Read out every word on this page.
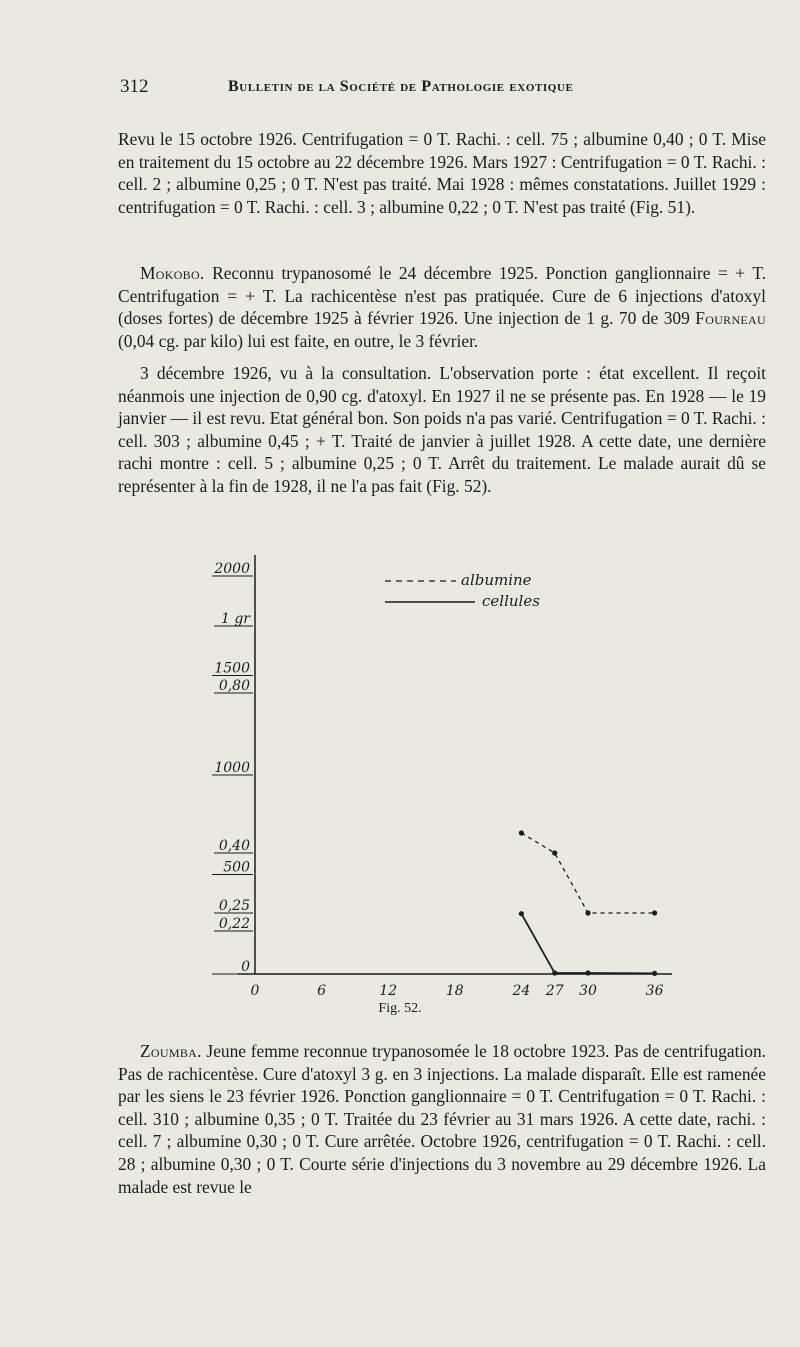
312	Bulletin de la Société de Pathologie exotique

Revu le 15 octobre 1926. Centrifugation = 0 T. Rachi. : cell. 75 ; albumine 0,40 ; 0 T. Mise en traitement du 15 octobre au 22 décembre 1926. Mars 1927 : Centrifugation = 0 T. Rachi. : cell. 2 ; albumine 0,25 ; 0 T. N'est pas traité. Mai 1928 : mêmes constatations. Juillet 1929 : centrifugation = 0 T. Rachi. : cell. 3 ; albumine 0,22 ; 0 T. N'est pas traité (Fig. 51).

Mokobo. Reconnu trypanosomé le 24 décembre 1925. Ponction ganglionnaire = + T. Centrifugation = + T. La rachicentèse n'est pas pratiquée. Cure de 6 injections d'atoxyl (doses fortes) de décembre 1925 à février 1926. Une injection de 1 g. 70 de 309 Fourneau (0,04 cg. par kilo) lui est faite, en outre, le 3 février.

3 décembre 1926, vu à la consultation. L'observation porte : état excellent. Il reçoit néanmois une injection de 0,90 cg. d'atoxyl. En 1927 il ne se présente pas. En 1928 — le 19 janvier — il est revu. Etat général bon. Son poids n'a pas varié. Centrifugation = 0 T. Rachi. : cell. 303 ; albumine 0,45 ; + T. Traité de janvier à juillet 1928. A cette date, une dernière rachi montre : cell. 5 ; albumine 0,25 ; 0 T. Arrêt du traitement. Le malade aurait dû se représenter à la fin de 1928, il ne l'a pas fait (Fig. 52).

2000
1500
1000
500
0
1 gr
0,80
0,40
0,25
0,22
0	6	12	18	24 27 30	36
albumine
cellules
Fig. 52.

Zoumba. Jeune femme reconnue trypanosomée le 18 octobre 1923. Pas de centrifugation. Pas de rachicentèse. Cure d'atoxyl 3 g. en 3 injections. La malade disparaît. Elle est ramenée par les siens le 23 février 1926. Ponction ganglionnaire = 0 T. Centrifugation = 0 T. Rachi. : cell. 310 ; albumine 0,35 ; 0 T. Traitée du 23 février au 31 mars 1926. A cette date, rachi. : cell. 7 ; albumine 0,30 ; 0 T. Cure arrêtée. Octobre 1926, centrifugation = 0 T. Rachi. : cell. 28 ; albumine 0,30 ; 0 T. Courte série d'injections du 3 novembre au 29 décembre 1926. La malade est revue le
